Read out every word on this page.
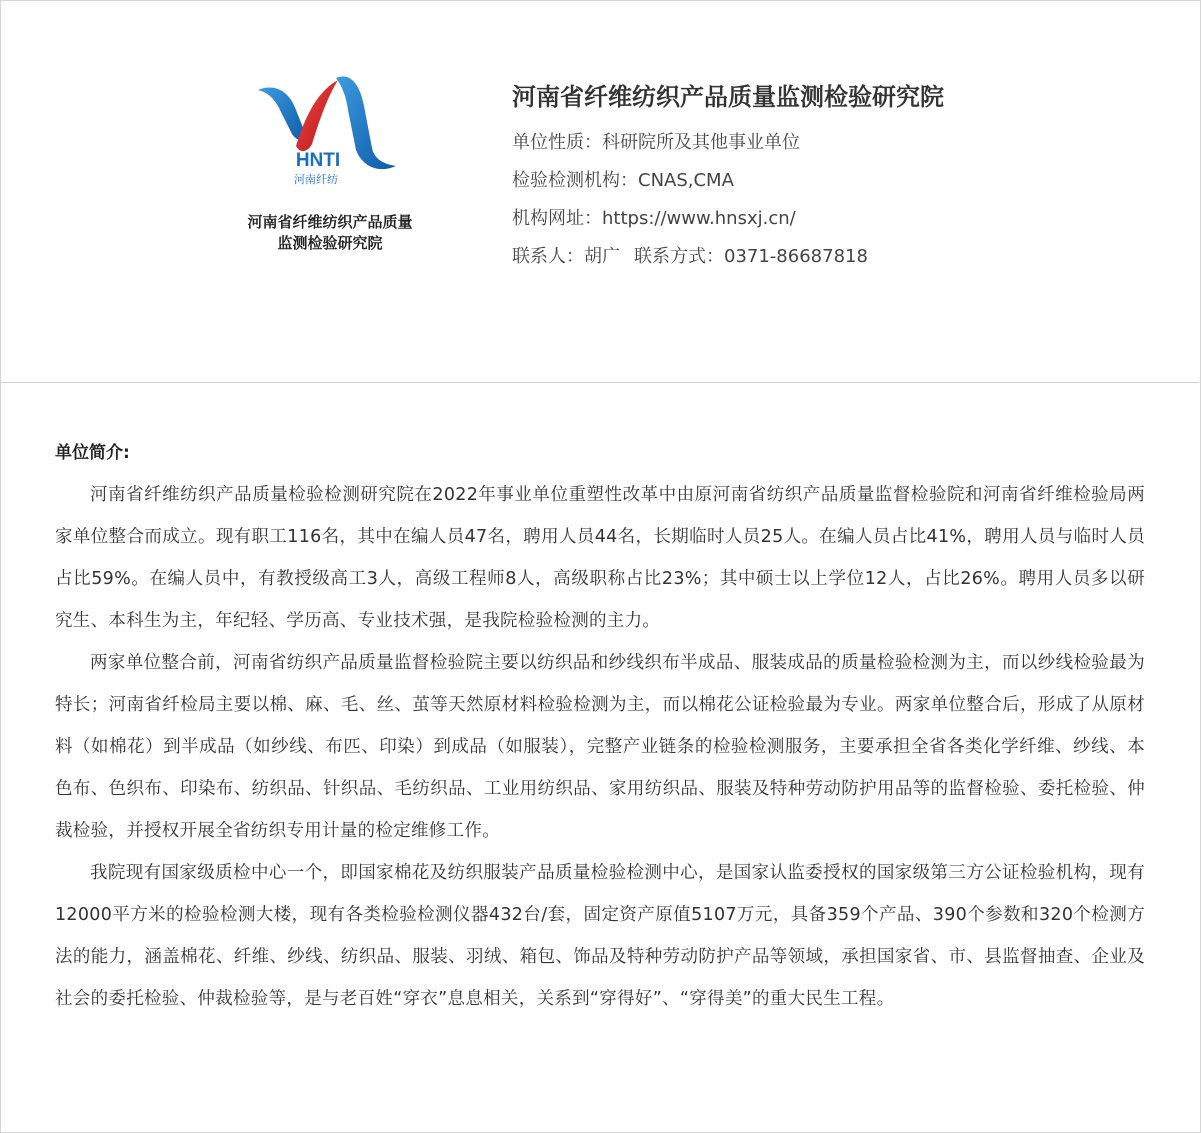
HNTI
河南纤纺
河南省纤维纺织产品质量
监测检验研究院
河南省纤维纺织产品质量监测检验研究院
单位性质：科研院所及其他事业单位
检验检测机构：CNAS,CMA
机构网址：https://www.hnsxj.cn/
联系人：胡广 联系方式：0371-86687818
单位简介:

河南省纤维纺织产品质量检验检测研究院在2022年事业单位重塑性改革中由原河南省纺织产品质量监督检验院和河南省纤维检验局两家单位整合而成立。现有职工116名，其中在编人员47名，聘用人员44名，长期临时人员25人。在编人员占比41%，聘用人员与临时人员占比59%。在编人员中，有教授级高工3人，高级工程师8人，高级职称占比23%；其中硕士以上学位12人，占比26%。聘用人员多以研究生、本科生为主，年纪轻、学历高、专业技术强，是我院检验检测的主力。

两家单位整合前，河南省纺织产品质量监督检验院主要以纺织品和纱线织布半成品、服装成品的质量检验检测为主，而以纱线检验最为特长；河南省纤检局主要以棉、麻、毛、丝、茧等天然原材料检验检测为主，而以棉花公证检验最为专业。两家单位整合后，形成了从原材料（如棉花）到半成品（如纱线、布匹、印染）到成品（如服装），完整产业链条的检验检测服务，主要承担全省各类化学纤维、纱线、本色布、色织布、印染布、纺织品、针织品、毛纺织品、工业用纺织品、家用纺织品、服装及特种劳动防护用品等的监督检验、委托检验、仲裁检验，并授权开展全省纺织专用计量的检定维修工作。

我院现有国家级质检中心一个，即国家棉花及纺织服装产品质量检验检测中心，是国家认监委授权的国家级第三方公证检验机构，现有12000平方米的检验检测大楼，现有各类检验检测仪器432台/套，固定资产原值5107万元，具备359个产品、390个参数和320个检测方法的能力，涵盖棉花、纤维、纱线、纺织品、服装、羽绒、箱包、饰品及特种劳动防护产品等领域，承担国家省、市、县监督抽查、企业及社会的委托检验、仲裁检验等，是与老百姓“穿衣”息息相关，关系到“穿得好”、“穿得美”的重大民生工程。
